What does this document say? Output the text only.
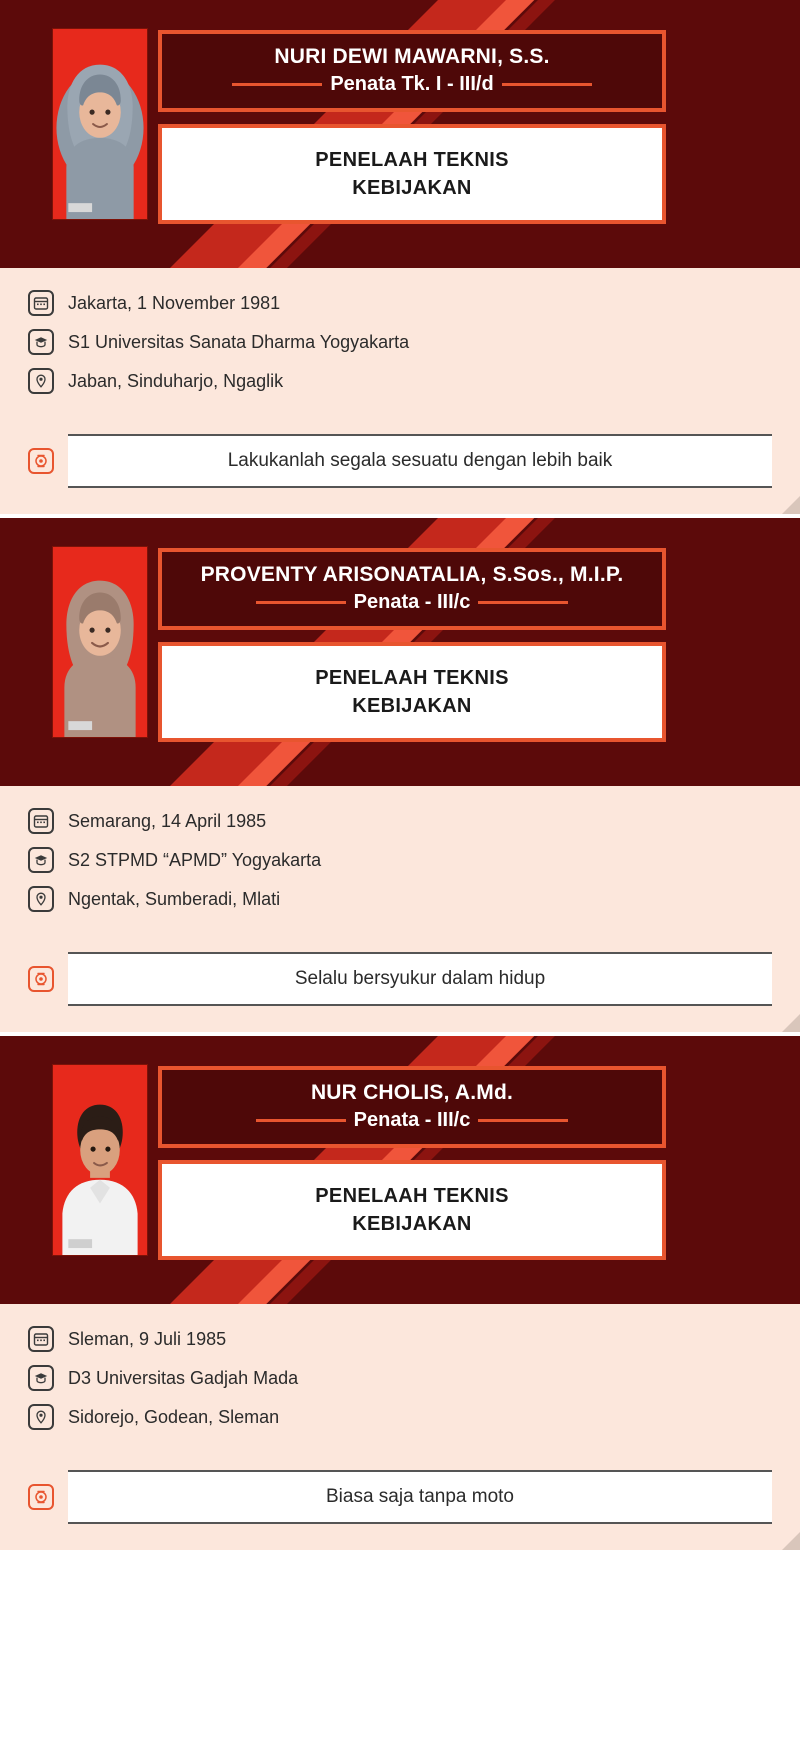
NURI DEWI MAWARNI, S.S.
Penata Tk. I - III/d
PENELAAH TEKNIS
KEBIJAKAN
Jakarta, 1 November 1981
S1 Universitas Sanata Dharma Yogyakarta
Jaban, Sinduharjo, Ngaglik
Lakukanlah segala sesuatu dengan lebih baik
PROVENTY ARISONATALIA, S.Sos., M.I.P.
Penata - III/c
PENELAAH TEKNIS
KEBIJAKAN
Semarang, 14 April 1985
S2 STPMD “APMD” Yogyakarta
Ngentak, Sumberadi, Mlati
Selalu bersyukur dalam hidup
NUR CHOLIS, A.Md.
Penata - III/c
PENELAAH TEKNIS
KEBIJAKAN
Sleman, 9 Juli 1985
D3 Universitas Gadjah Mada
Sidorejo, Godean, Sleman
Biasa saja tanpa moto
